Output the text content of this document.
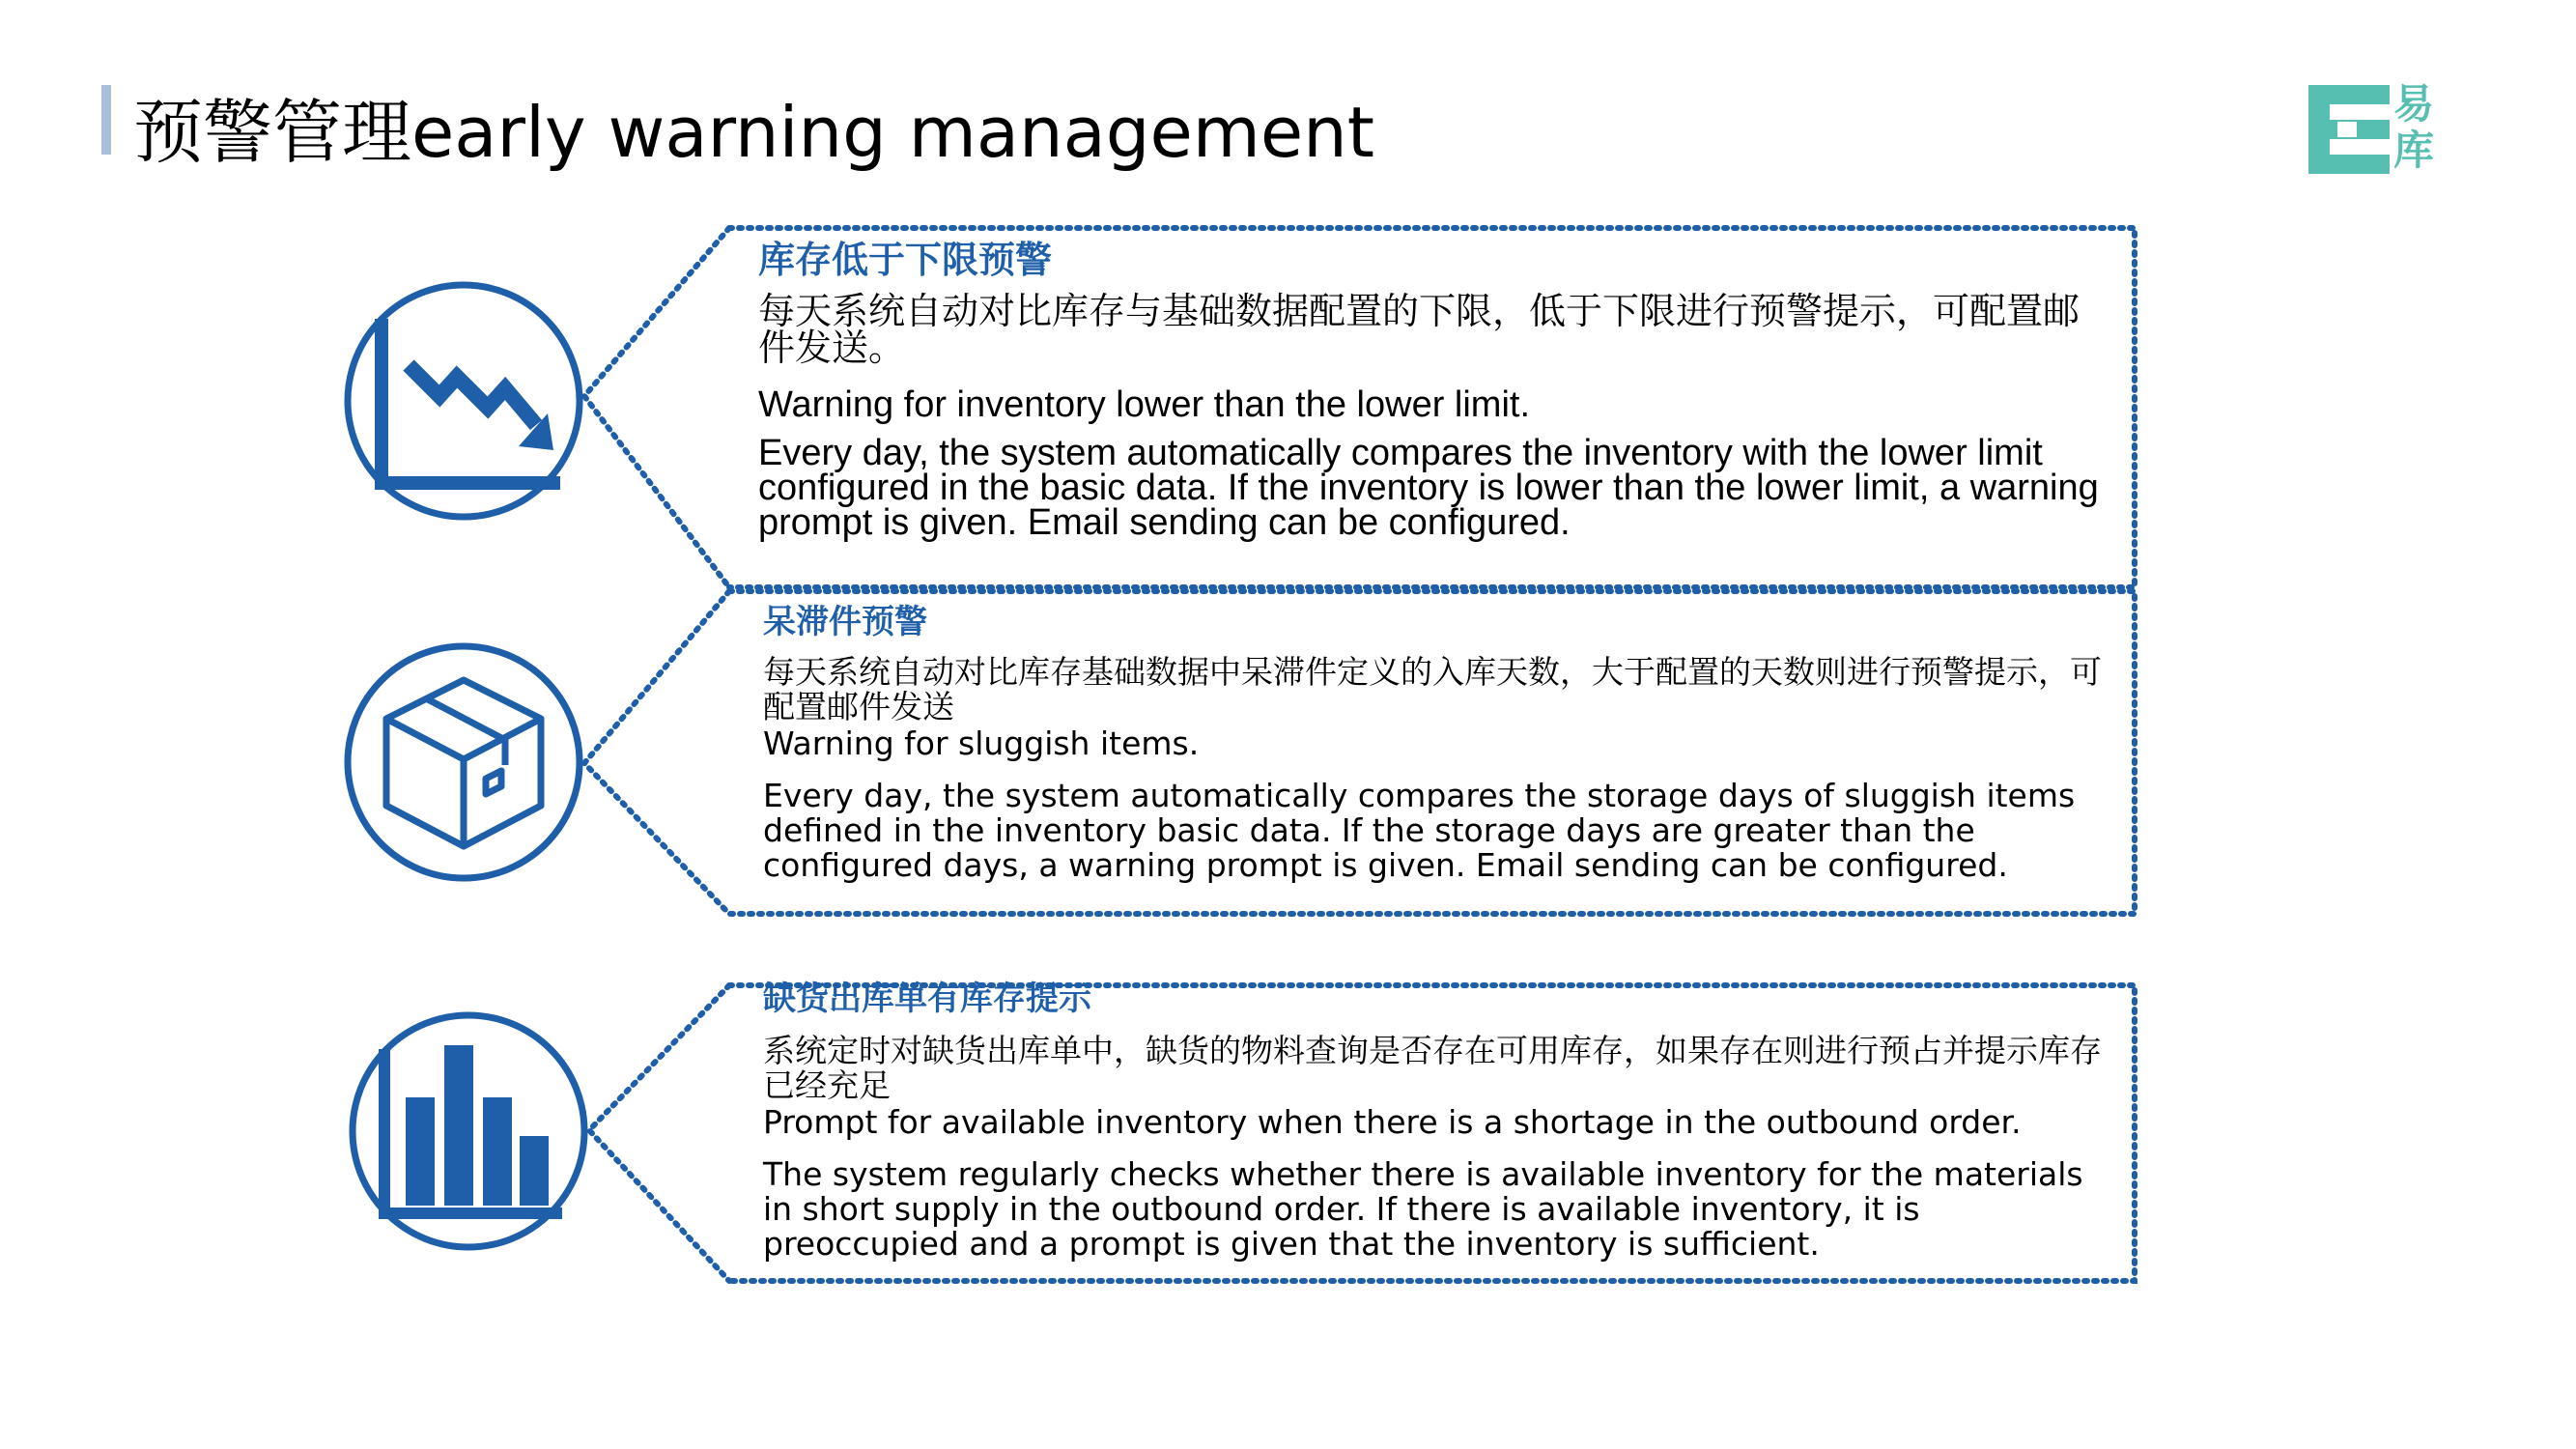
预警管理early warning management	易
库
库存低于下限预警
每天系统自动对比库存与基础数据配置的下限，低于下限进行预警提示，可配置邮件发送。
Warning for inventory lower than the lower limit.
Every day, the system automatically compares the inventory with the lower limit configured in the basic data. If the inventory is lower than the lower limit, a warning prompt is given. Email sending can be configured.
呆滞件预警
每天系统自动对比库存基础数据中呆滞件定义的入库天数，大于配置的天数则进行预警提示，可配置邮件发送
Warning for sluggish items.
Every day, the system automatically compares the storage days of sluggish items defined in the inventory basic data. If the storage days are greater than the configured days, a warning prompt is given. Email sending can be configured.
缺货出库单有库存提示
系统定时对缺货出库单中，缺货的物料查询是否存在可用库存，如果存在则进行预占并提示库存已经充足
Prompt for available inventory when there is a shortage in the outbound order.
The system regularly checks whether there is available inventory for the materials in short supply in the outbound order. If there is available inventory, it is preoccupied and a prompt is given that the inventory is sufficient.
